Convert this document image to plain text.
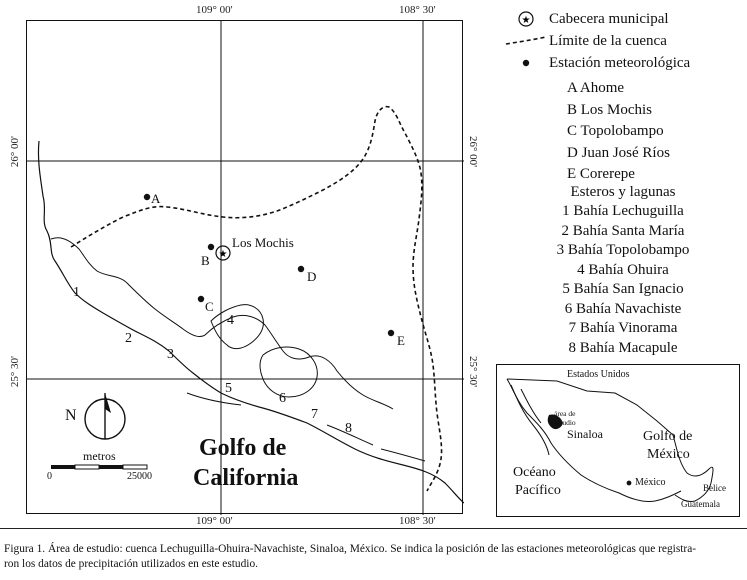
109° 00'	108° 30'
109° 00'	108° 30'
26° 00'
25° 30'
26° 00'
25° 30'
★
Los Mochis
A
B
C
D
E
1
2
3
4
5
6
7
8
Golfo de
California
N
metros
0	25000
★ Cabecera municipal
Límite de la cuenca
Estación meteorológica
A Ahome
B Los Mochis
C Topolobampo
D Juan José Ríos
E Corerepe
Esteros y lagunas
1 Bahía Lechuguilla
2 Bahía Santa María
3 Bahía Topolobampo
4 Bahía Ohuira
5 Bahía San Ignacio
6 Bahía Navachiste
7 Bahía Vinorama
8 Bahía Macapule
Estados Unidos
área de
estudio
Sinaloa	Golfo de
México
Océano
Pacífico
México	Belice
Guatemala
Figura 1. Área de estudio: cuenca Lechuguilla-Ohuira-Navachiste, Sinaloa, México. Se indica la posición de las estaciones meteorológicas que registra-
ron los datos de precipitación utilizados en este estudio.
